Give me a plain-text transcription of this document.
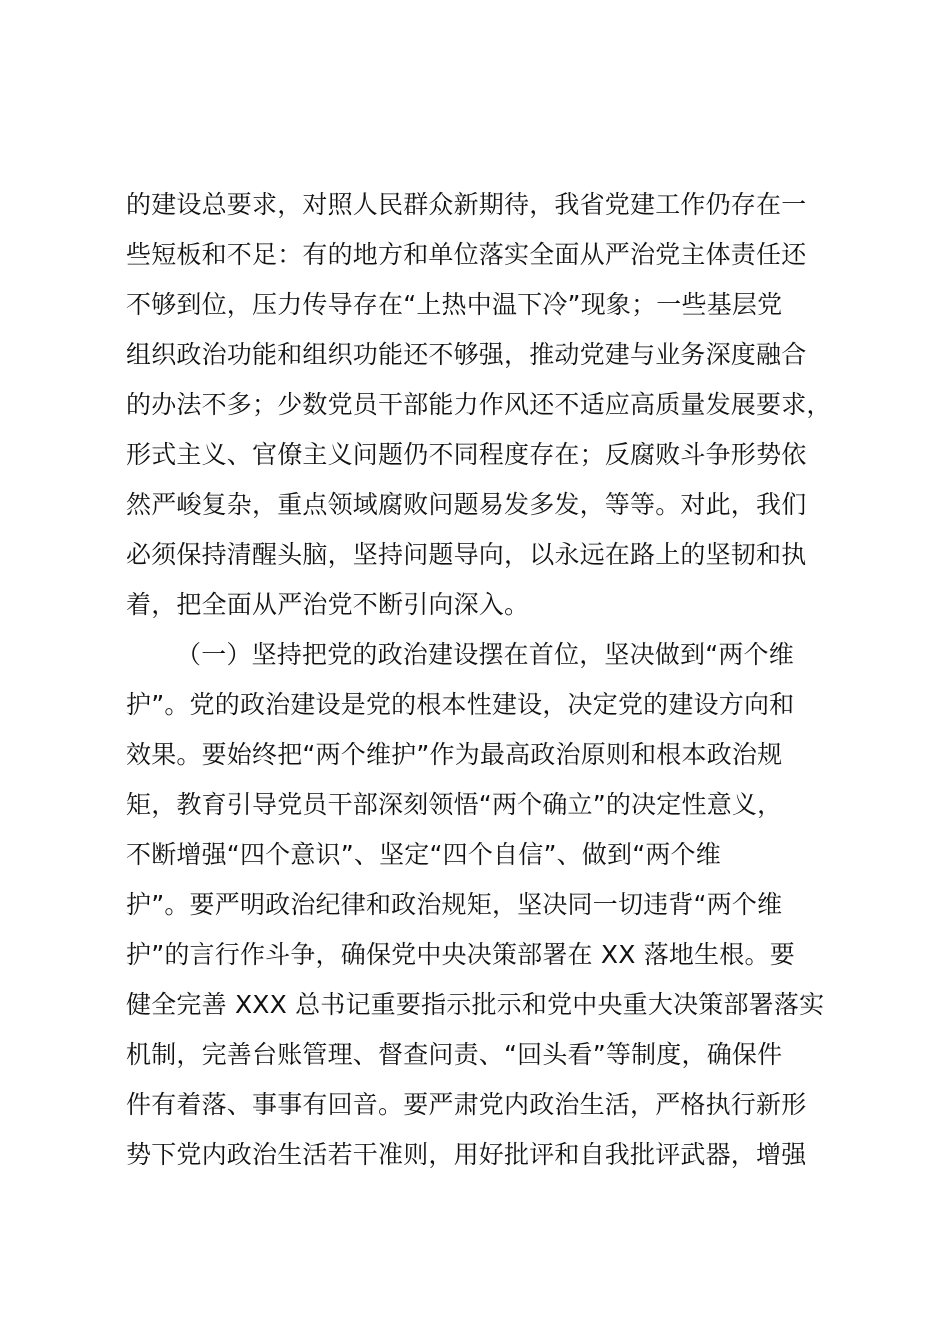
的建设总要求，对照人民群众新期待，我省党建工作仍存在一
些短板和不足：有的地方和单位落实全面从严治党主体责任还
不够到位，压力传导存在“上热中温下冷”现象；一些基层党
组织政治功能和组织功能还不够强，推动党建与业务深度融合
的办法不多；少数党员干部能力作风还不适应高质量发展要求，
形式主义、官僚主义问题仍不同程度存在；反腐败斗争形势依
然严峻复杂，重点领域腐败问题易发多发，等等。对此，我们
必须保持清醒头脑，坚持问题导向，以永远在路上的坚韧和执
着，把全面从严治党不断引向深入。
（一）坚持把党的政治建设摆在首位，坚决做到“两个维
护”。党的政治建设是党的根本性建设，决定党的建设方向和
效果。要始终把“两个维护”作为最高政治原则和根本政治规
矩，教育引导党员干部深刻领悟“两个确立”的决定性意义，
不断增强“四个意识”、坚定“四个自信”、做到“两个维
护”。要严明政治纪律和政治规矩，坚决同一切违背“两个维
护”的言行作斗争，确保党中央决策部署在 XX 落地生根。要
健全完善 XXX 总书记重要指示批示和党中央重大决策部署落实
机制，完善台账管理、督查问责、“回头看”等制度，确保件
件有着落、事事有回音。要严肃党内政治生活，严格执行新形
势下党内政治生活若干准则，用好批评和自我批评武器，增强
